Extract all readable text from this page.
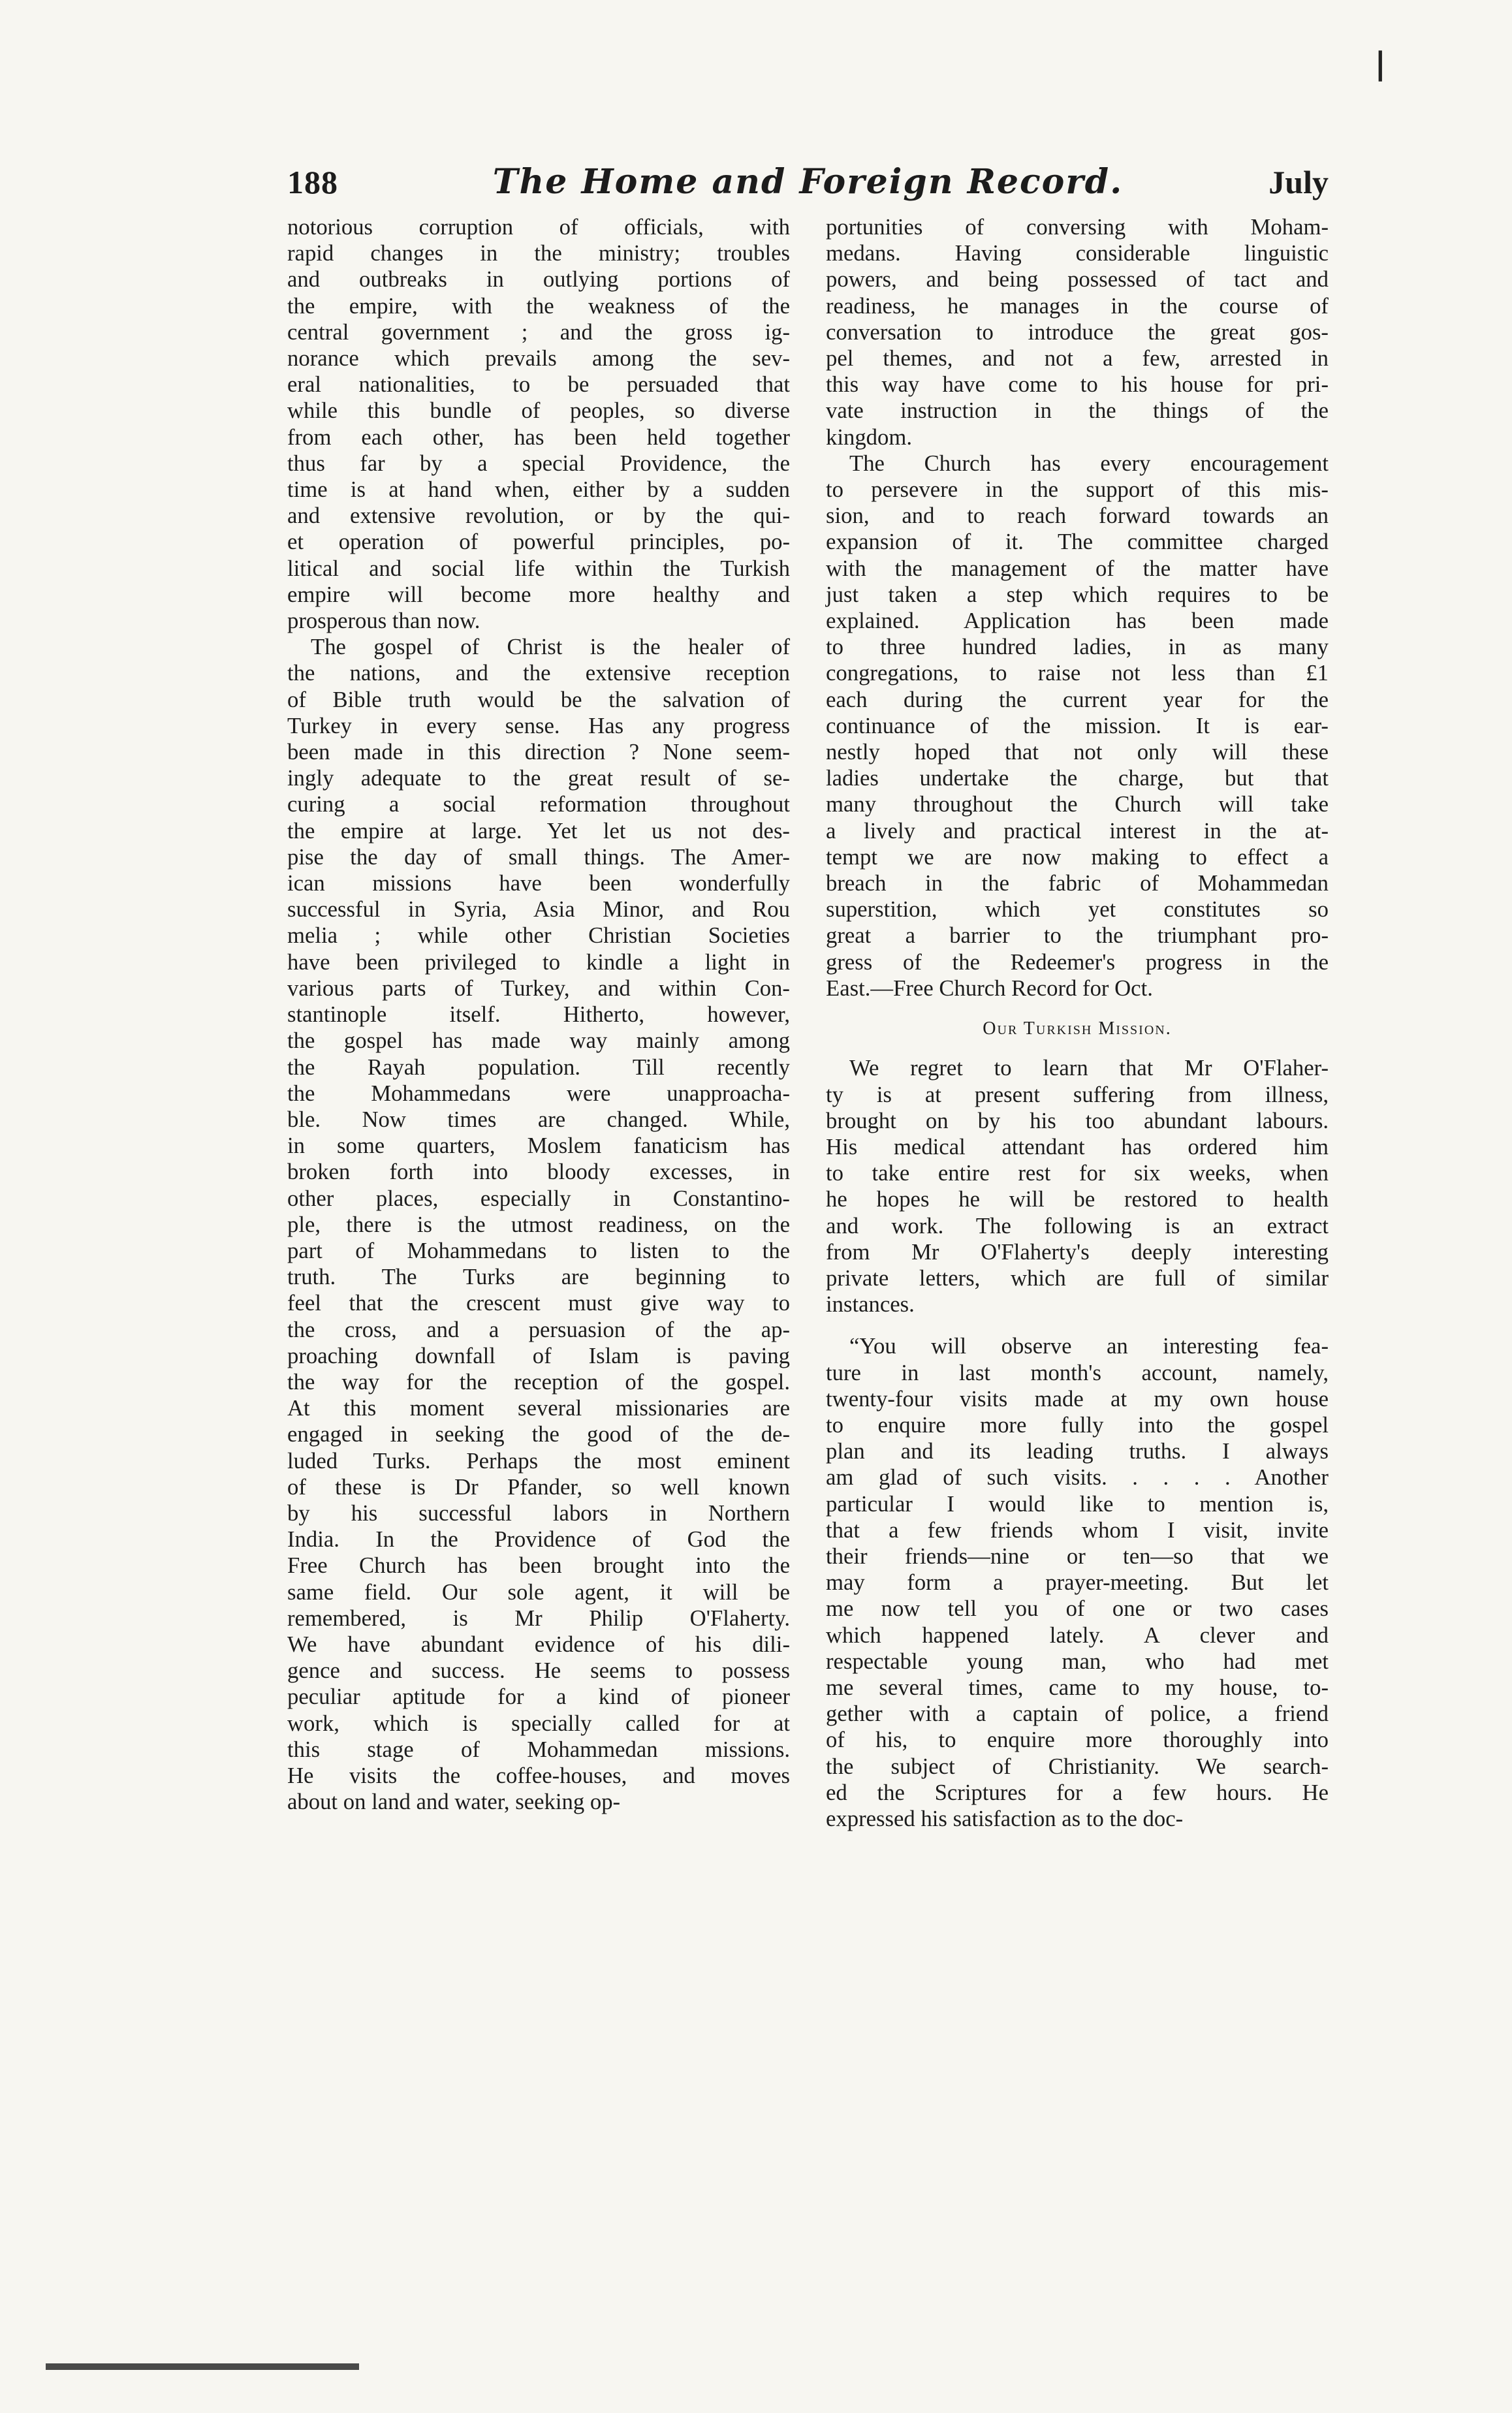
188	The Home and Foreign Record.	July

notorious corruption of officials, with
rapid changes in the ministry; troubles
and outbreaks in outlying portions of
the empire, with the weakness of the
central government ; and the gross ig-
norance which prevails among the sev-
eral nationalities, to be persuaded that
while this bundle of peoples, so diverse
from each other, has been held together
thus far by a special Providence, the
time is at hand when, either by a sudden
and extensive revolution, or by the qui-
et operation of powerful principles, po-
litical and social life within the Turkish
empire will become more healthy and
prosperous than now.

The gospel of Christ is the healer of
the nations, and the extensive reception
of Bible truth would be the salvation of
Turkey in every sense. Has any progress
been made in this direction ? None seem-
ingly adequate to the great result of se-
curing a social reformation throughout
the empire at large. Yet let us not des-
pise the day of small things. The Amer-
ican missions have been wonderfully
successful in Syria, Asia Minor, and Rou
melia ; while other Christian Societies
have been privileged to kindle a light in
various parts of Turkey, and within Con-
stantinople itself. Hitherto, however,
the gospel has made way mainly among
the Rayah population. Till recently
the Mohammedans were unapproacha-
ble. Now times are changed. While,
in some quarters, Moslem fanaticism has
broken forth into bloody excesses, in
other places, especially in Constantino-
ple, there is the utmost readiness, on the
part of Mohammedans to listen to the
truth. The Turks are beginning to
feel that the crescent must give way to
the cross, and a persuasion of the ap-
proaching downfall of Islam is paving
the way for the reception of the gospel.
At this moment several missionaries are
engaged in seeking the good of the de-
luded Turks. Perhaps the most eminent
of these is Dr Pfander, so well known
by his successful labors in Northern
India. In the Providence of God the
Free Church has been brought into the
same field. Our sole agent, it will be
remembered, is Mr Philip O'Flaherty.
We have abundant evidence of his dili-
gence and success. He seems to possess
peculiar aptitude for a kind of pioneer
work, which is specially called for at
this stage of Mohammedan missions.
He visits the coffee-houses, and moves
about on land and water, seeking op-

portunities of conversing with Moham-
medans. Having considerable linguistic
powers, and being possessed of tact and
readiness, he manages in the course of
conversation to introduce the great gos-
pel themes, and not a few, arrested in
this way have come to his house for pri-
vate instruction in the things of the
kingdom.

The Church has every encouragement
to persevere in the support of this mis-
sion, and to reach forward towards an
expansion of it. The committee charged
with the management of the matter have
just taken a step which requires to be
explained. Application has been made
to three hundred ladies, in as many
congregations, to raise not less than £1
each during the current year for the
continuance of the mission. It is ear-
nestly hoped that not only will these
ladies undertake the charge, but that
many throughout the Church will take
a lively and practical interest in the at-
tempt we are now making to effect a
breach in the fabric of Mohammedan
superstition, which yet constitutes so
great a barrier to the triumphant pro-
gress of the Redeemer's progress in the
East.—Free Church Record for Oct.

Our Turkish Mission.

We regret to learn that Mr O'Flaher-
ty is at present suffering from illness,
brought on by his too abundant labours.
His medical attendant has ordered him
to take entire rest for six weeks, when
he hopes he will be restored to health
and work. The following is an extract
from Mr O'Flaherty's deeply interesting
private letters, which are full of similar
instances.

“You will observe an interesting fea-
ture in last month's account, namely,
twenty-four visits made at my own house
to enquire more fully into the gospel
plan and its leading truths. I always
am glad of such visits. . . . . Another
particular I would like to mention is,
that a few friends whom I visit, invite
their friends—nine or ten—so that we
may form a prayer-meeting. But let
me now tell you of one or two cases
which happened lately. A clever and
respectable young man, who had met
me several times, came to my house, to-
gether with a captain of police, a friend
of his, to enquire more thoroughly into
the subject of Christianity. We search-
ed the Scriptures for a few hours. He
expressed his satisfaction as to the doc-

❘
